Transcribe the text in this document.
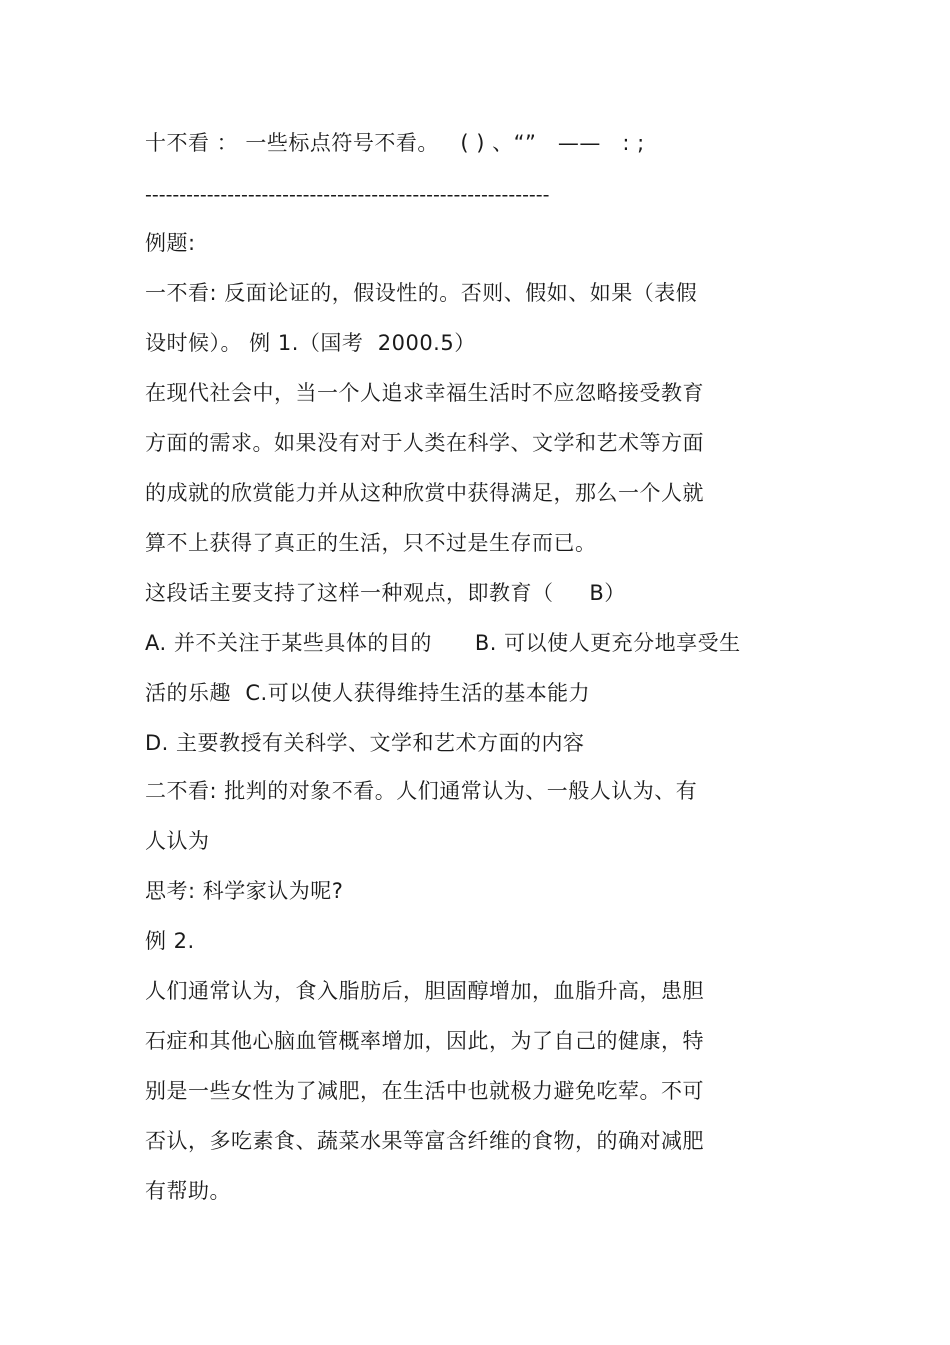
十不看 ： 一些标点符号不看。   ( ) 、“”   ——   : ;
-----------------------------------------------------------
例题:
一不看: 反面论证的，假设性的。否则、假如、如果（表假
设时候）。 例 1.（国考  2000.5）
在现代社会中，当一个人追求幸福生活时不应忽略接受教育
方面的需求。如果没有对于人类在科学、文学和艺术等方面
的成就的欣赏能力并从这种欣赏中获得满足，那么一个人就
算不上获得了真正的生活，只不过是生存而已。
这段话主要支持了这样一种观点，即教育（     B）
A. 并不关注于某些具体的目的      B. 可以使人更充分地享受生
活的乐趣  C.可以使人获得维持生活的基本能力
D. 主要教授有关科学、文学和艺术方面的内容
二不看: 批判的对象不看。人们通常认为、一般人认为、有
人认为
思考: 科学家认为呢?
例 2.
人们通常认为，食入脂肪后，胆固醇增加，血脂升高，患胆
石症和其他心脑血管概率增加，因此，为了自己的健康，特
别是一些女性为了减肥，在生活中也就极力避免吃荤。不可
否认，多吃素食、蔬菜水果等富含纤维的食物，的确对减肥
有帮助。
